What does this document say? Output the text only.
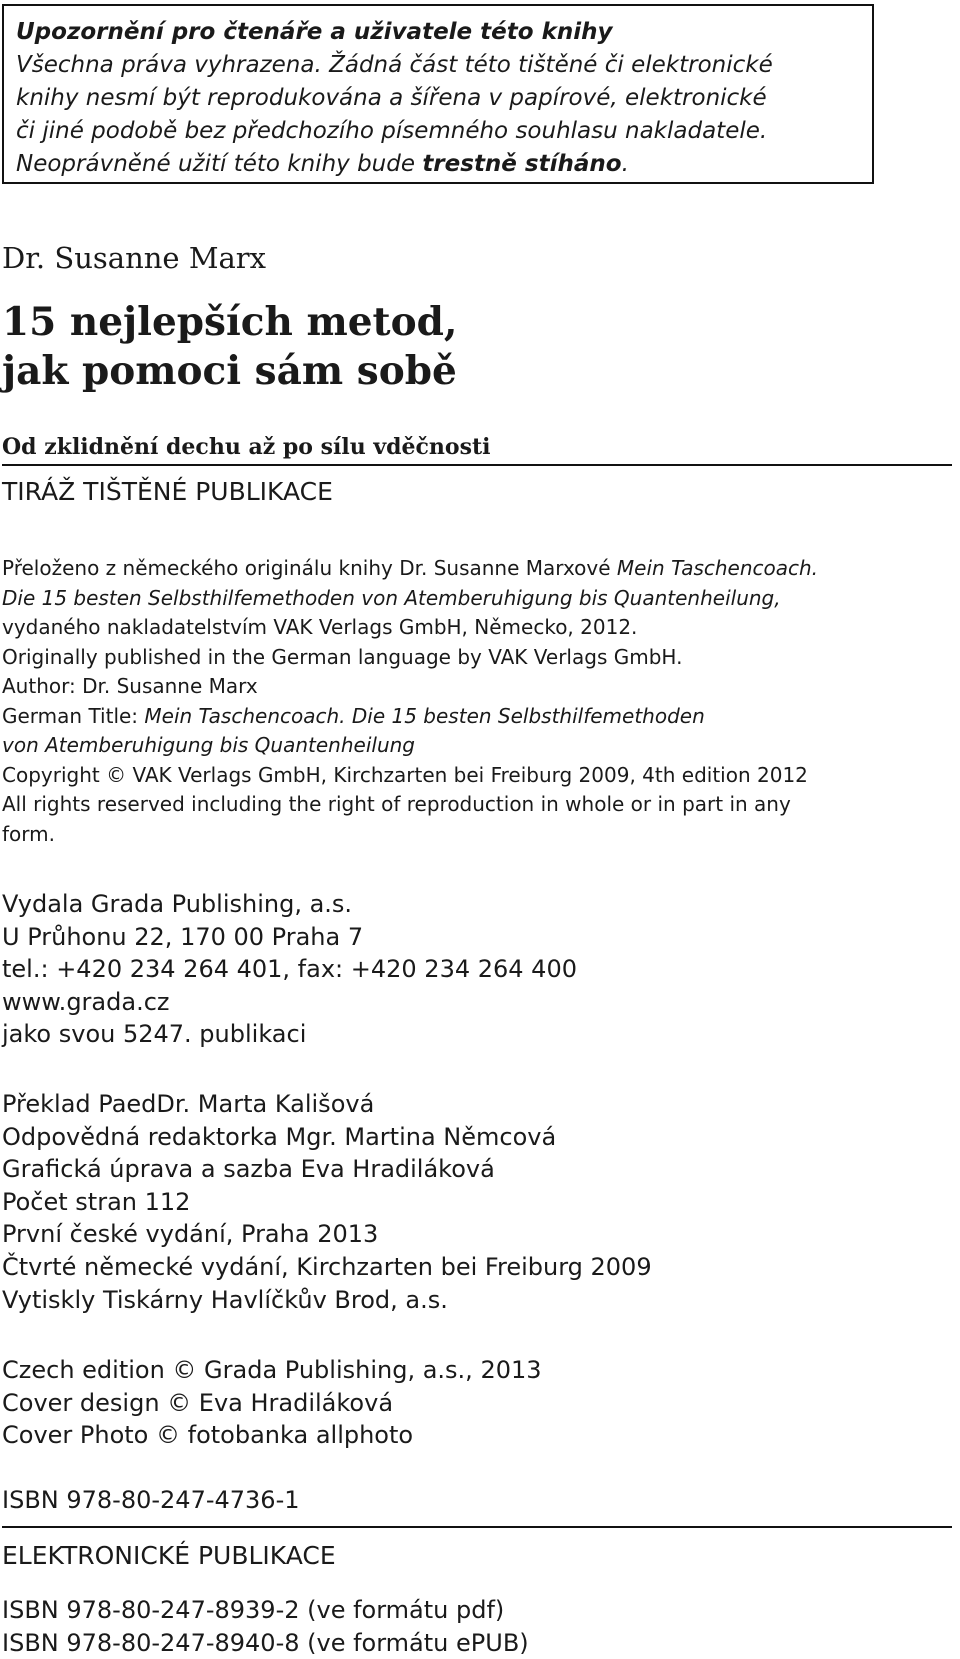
Upozornění pro čtenáře a uživatele této knihy
Všechna práva vyhrazena. Žádná část této tištěné či elektronické
knihy nesmí být reprodukována a šířena v papírové, elektronické
či jiné podobě bez předchozího písemného souhlasu nakladatele.
Neoprávněné užití této knihy bude trestně stíháno.
Dr. Susanne Marx
15 nejlepších metod,
jak pomoci sám sobě
Od zklidnění dechu až po sílu vděčnosti
TIRÁŽ TIŠTĚNÉ PUBLIKACE
Přeloženo z německého originálu knihy Dr. Susanne Marxové Mein Taschencoach.
Die 15 besten Selbsthilfemethoden von Atemberuhigung bis Quantenheilung,
vydaného nakladatelstvím VAK Verlags GmbH, Německo, 2012.
Originally published in the German language by VAK Verlags GmbH.
Author: Dr. Susanne Marx
German Title: Mein Taschencoach. Die 15 besten Selbsthilfemethoden
von Atemberuhigung bis Quantenheilung
Copyright © VAK Verlags GmbH, Kirchzarten bei Freiburg 2009, 4th edition 2012
All rights reserved including the right of reproduction in whole or in part in any
form.
Vydala Grada Publishing, a.s.
U Průhonu 22, 170 00 Praha 7
tel.: +420 234 264 401, fax: +420 234 264 400
www.grada.cz
jako svou 5247. publikaci
Překlad PaedDr. Marta Kališová
Odpovědná redaktorka Mgr. Martina Němcová
Grafická úprava a sazba Eva Hradiláková
Počet stran 112
První české vydání, Praha 2013
Čtvrté německé vydání, Kirchzarten bei Freiburg 2009
Vytiskly Tiskárny Havlíčkův Brod, a.s.
Czech edition © Grada Publishing, a.s., 2013
Cover design © Eva Hradiláková
Cover Photo © fotobanka allphoto
ISBN 978-80-247-4736-1
ELEKTRONICKÉ PUBLIKACE
ISBN 978-80-247-8939-2 (ve formátu pdf)
ISBN 978-80-247-8940-8 (ve formátu ePUB)
